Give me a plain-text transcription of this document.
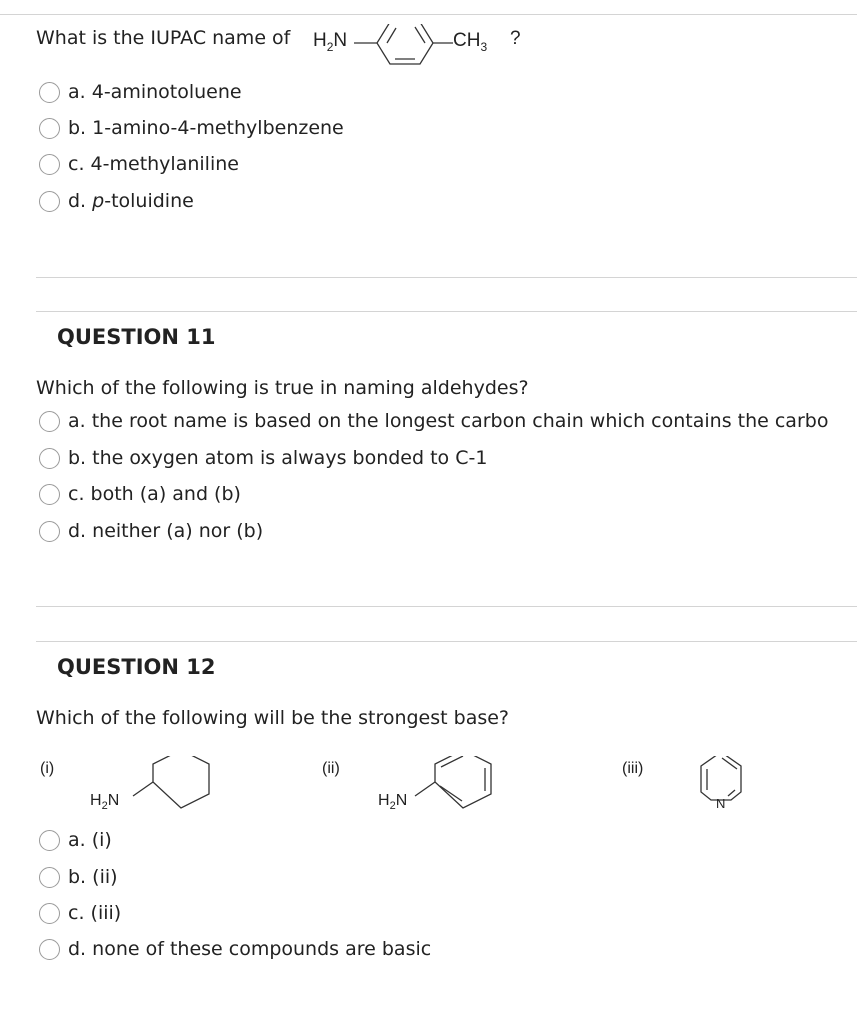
What is the IUPAC name of $H_2N$	$CH_3$ ?
a. 4-aminotoluene
b. 1-amino-4-methylbenzene
c. 4-methylaniline
d. p-toluidine
QUESTION 11
Which of the following is true in naming aldehydes?
a. the root name is based on the longest carbon chain which contains the carbo
b. the oxygen atom is always bonded to C-1
c. both (a) and (b)
d. neither (a) nor (b)
QUESTION 12
Which of the following will be the strongest base?
(i)
$H_2N$
(ii)
$H_2N$
(iii)
N
a. (i)
b. (ii)
c. (iii)
d. none of these compounds are basic
